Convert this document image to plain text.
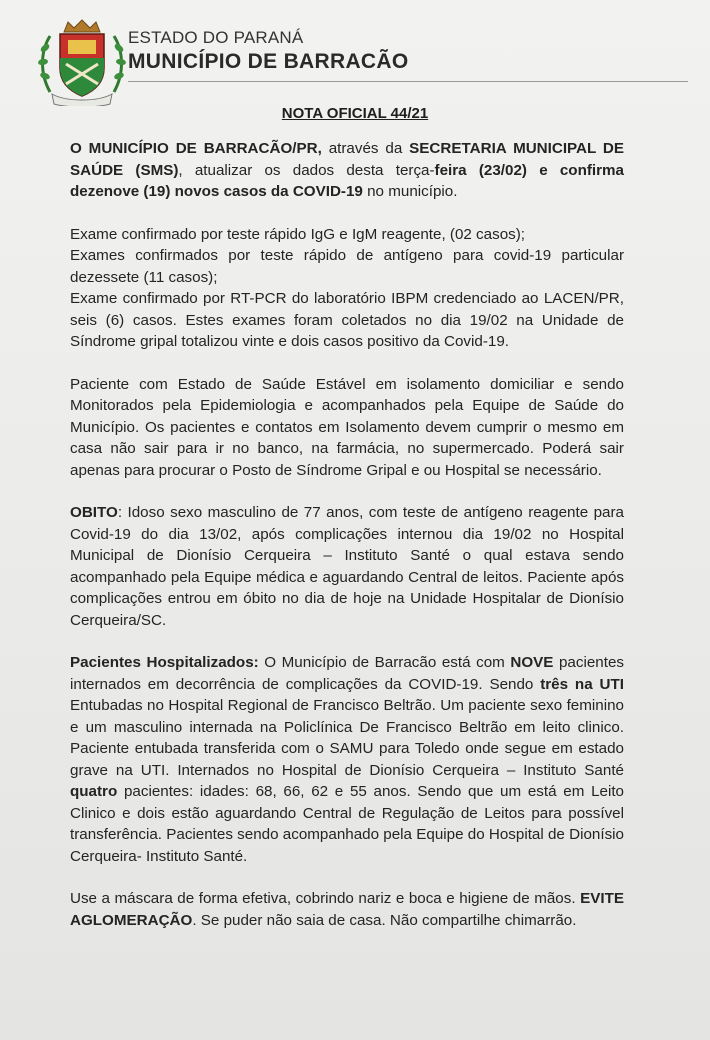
ESTADO DO PARANÁ
MUNICÍPIO DE BARRACÃO
NOTA OFICIAL 44/21

O MUNICÍPIO DE BARRACÃO/PR, através da SECRETARIA MUNICIPAL DE SAÚDE (SMS), atualizar os dados desta terça-feira (23/02) e confirma dezenove (19) novos casos da COVID-19 no município.

Exame confirmado por teste rápido IgG e IgM reagente, (02 casos);

Exames confirmados por teste rápido de antígeno para covid-19 particular dezessete (11 casos);

Exame confirmado por RT-PCR do laboratório IBPM credenciado ao LACEN/PR, seis (6) casos. Estes exames foram coletados no dia 19/02 na Unidade de Síndrome gripal totalizou vinte e dois casos positivo da Covid-19.

Paciente com Estado de Saúde Estável em isolamento domiciliar e sendo Monitorados pela Epidemiologia e acompanhados pela Equipe de Saúde do Município. Os pacientes e contatos em Isolamento devem cumprir o mesmo em casa não sair para ir no banco, na farmácia, no supermercado. Poderá sair apenas para procurar o Posto de Síndrome Gripal e ou Hospital se necessário.

OBITO: Idoso sexo masculino de 77 anos, com teste de antígeno reagente para Covid-19 do dia 13/02, após complicações internou dia 19/02 no Hospital Municipal de Dionísio Cerqueira – Instituto Santé o qual estava sendo acompanhado pela Equipe médica e aguardando Central de leitos. Paciente após complicações entrou em óbito no dia de hoje na Unidade Hospitalar de Dionísio Cerqueira/SC.

Pacientes Hospitalizados: O Município de Barracão está com NOVE pacientes internados em decorrência de complicações da COVID-19. Sendo três na UTI Entubadas no Hospital Regional de Francisco Beltrão. Um paciente sexo feminino e um masculino internada na Policlínica De Francisco Beltrão em leito clinico. Paciente entubada transferida com o SAMU para Toledo onde segue em estado grave na UTI. Internados no Hospital de Dionísio Cerqueira – Instituto Santé quatro pacientes: idades: 68, 66, 62 e 55 anos. Sendo que um está em Leito Clinico e dois estão aguardando Central de Regulação de Leitos para possível transferência. Pacientes sendo acompanhado pela Equipe do Hospital de Dionísio Cerqueira- Instituto Santé.

Use a máscara de forma efetiva, cobrindo nariz e boca e higiene de mãos. EVITE AGLOMERAÇÃO. Se puder não saia de casa. Não compartilhe chimarrão.
